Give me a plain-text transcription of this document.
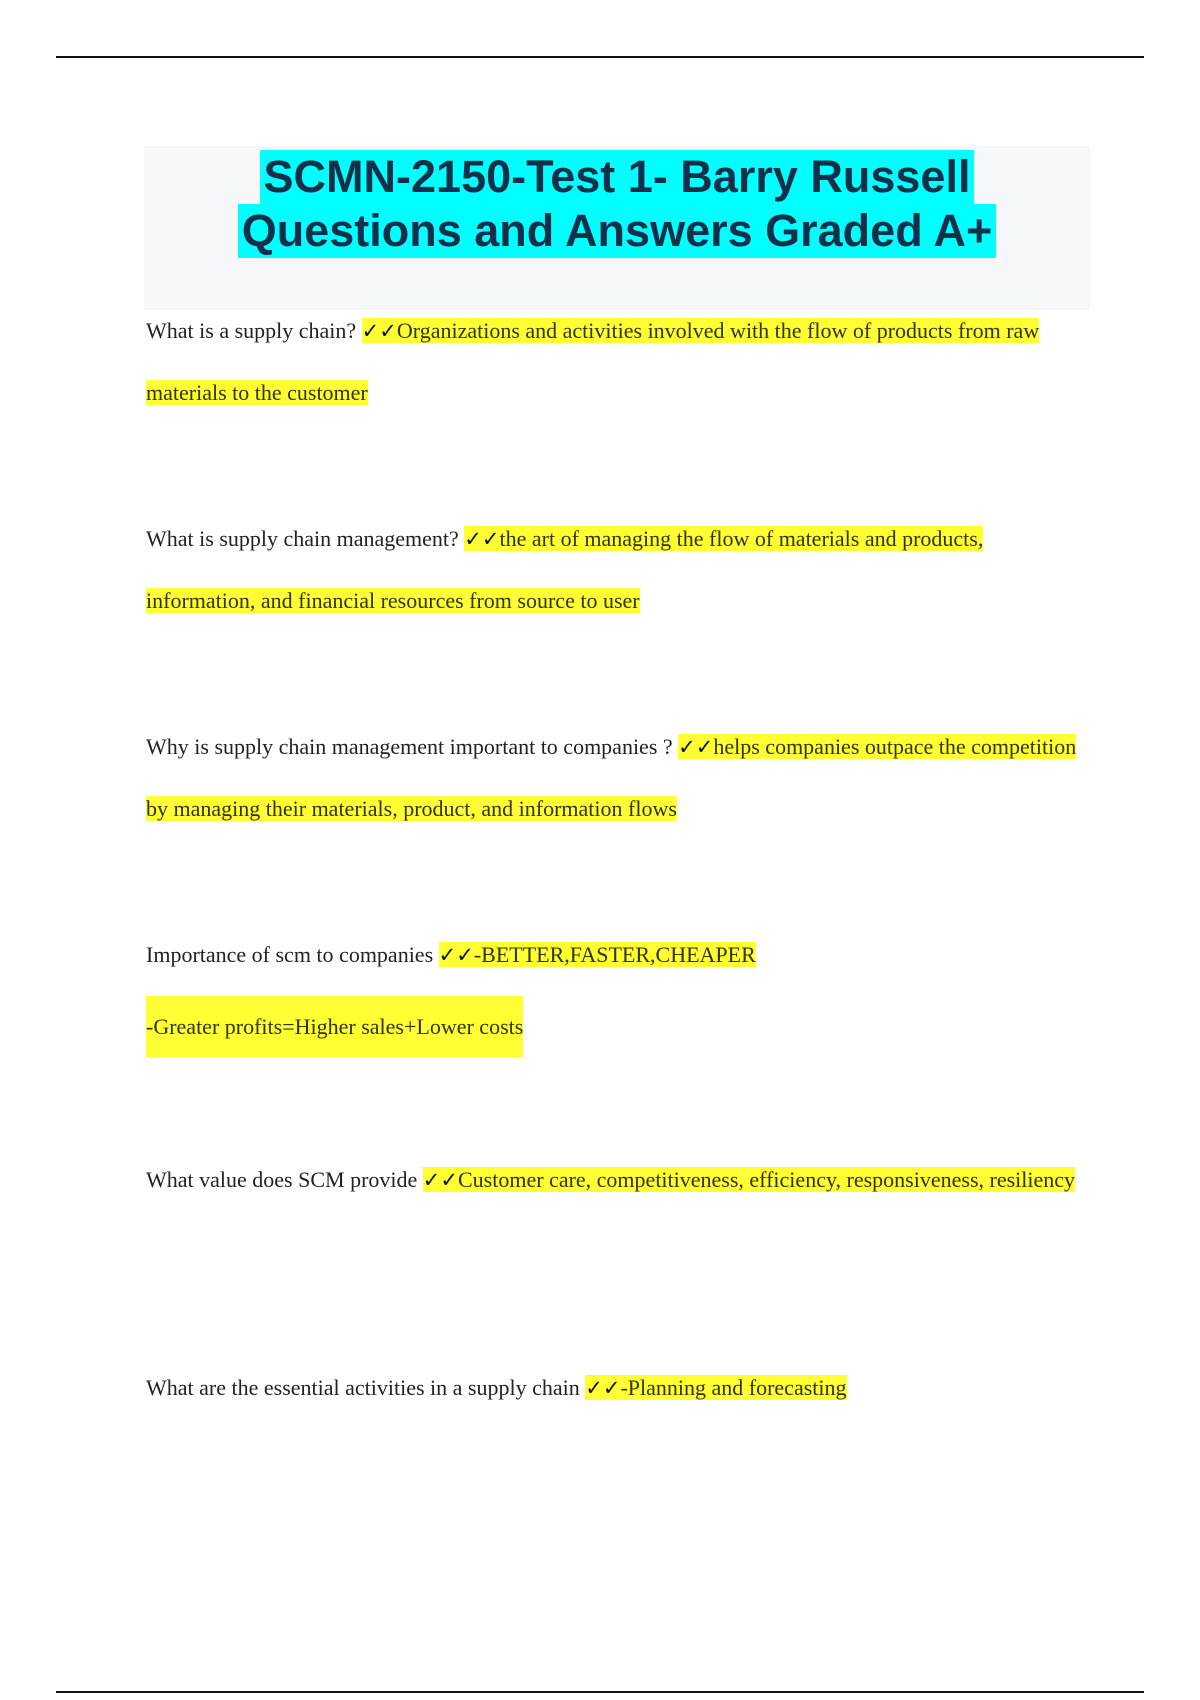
SCMN-2150-Test 1- Barry Russell
Questions and Answers Graded A+

What is a supply chain? ✓✓Organizations and activities involved with the flow of products from raw materials to the customer

What is supply chain management? ✓✓the art of managing the flow of materials and products, information, and financial resources from source to user

Why is supply chain management important to companies ? ✓✓helps companies outpace the competition by managing their materials, product, and information flows

Importance of scm to companies ✓✓-BETTER,FASTER,CHEAPER

-Greater profits=Higher sales+Lower costs

What value does SCM provide ✓✓Customer care, competitiveness, efficiency, responsiveness, resiliency

What are the essential activities in a supply chain ✓✓-Planning and forecasting
